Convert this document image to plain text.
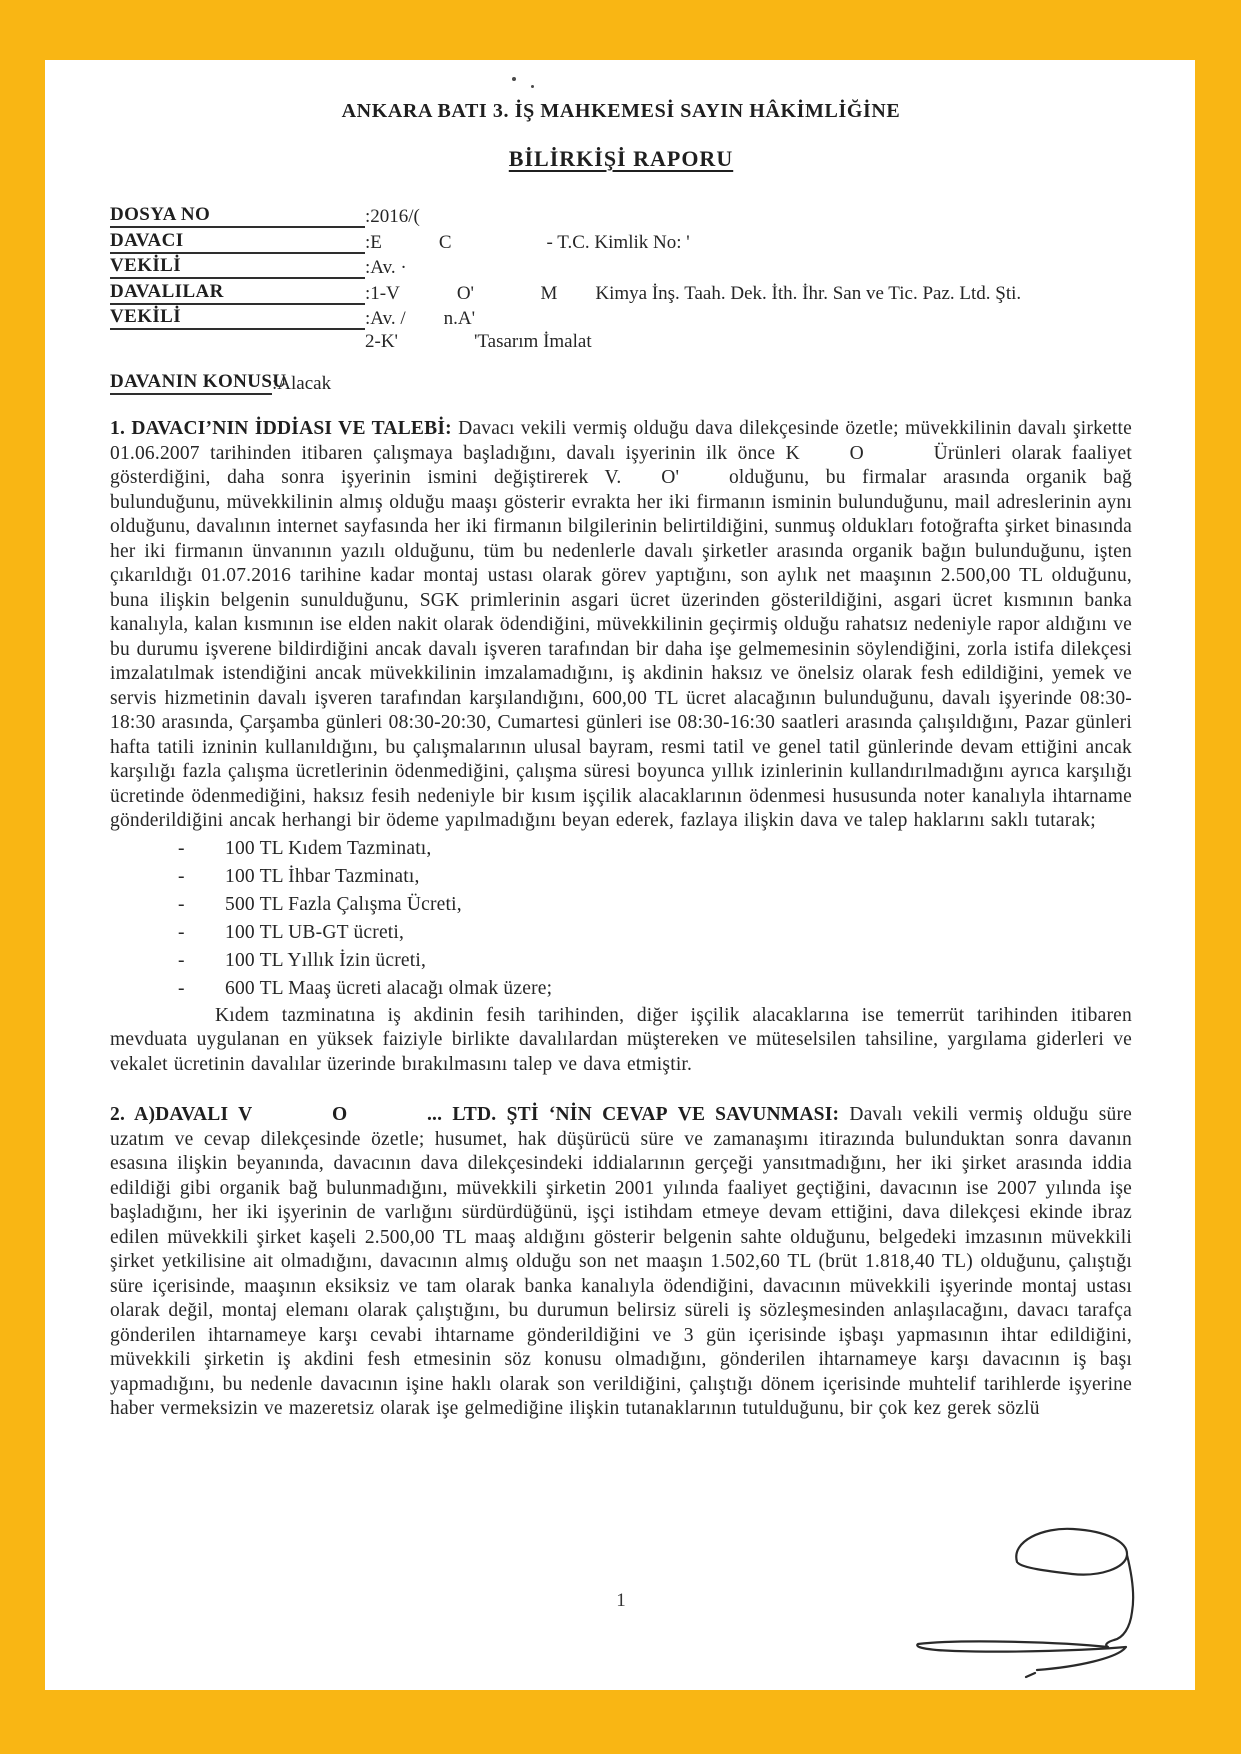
ANKARA BATI 3. İŞ MAHKEMESİ SAYIN HÂKİMLİĞİNE
BİLİRKİŞİ RAPORU
DOSYA NO	:2016/(
DAVACI	:E      C          - T.C. Kimlik No: '
VEKİLİ	:Av. ·
DAVALILAR	:1-V      O'       M    Kimya İnş. Taah. Dek. İth. İhr. San ve Tic. Paz. Ltd. Şti.
VEKİLİ	:Av. /    n.A'
2-K'        'Tasarım İmalat
DAVANIN KONUSU:Alacak

1. DAVACI’NIN İDDİASI VE TALEBİ: Davacı vekili vermiş olduğu dava dilekçesinde özetle; müvekkilinin davalı şirkette 01.06.2007 tarihinden itibaren çalışmaya başladığını, davalı işyerinin ilk önce K     O       Ürünleri olarak faaliyet gösterdiğini, daha sonra işyerinin ismini değiştirerek V.    O'     olduğunu, bu firmalar arasında organik bağ bulunduğunu, müvekkilinin almış olduğu maaşı gösterir evrakta her iki firmanın isminin bulunduğunu, mail adreslerinin aynı olduğunu, davalının internet sayfasında her iki firmanın bilgilerinin belirtildiğini, sunmuş oldukları fotoğrafta şirket binasında her iki firmanın ünvanının yazılı olduğunu, tüm bu nedenlerle davalı şirketler arasında organik bağın bulunduğunu, işten çıkarıldığı 01.07.2016 tarihine kadar montaj ustası olarak görev yaptığını, son aylık net maaşının 2.500,00 TL olduğunu, buna ilişkin belgenin sunulduğunu, SGK primlerinin asgari ücret üzerinden gösterildiğini, asgari ücret kısmının banka kanalıyla, kalan kısmının ise elden nakit olarak ödendiğini, müvekkilinin geçirmiş olduğu rahatsız nedeniyle rapor aldığını ve bu durumu işverene bildirdiğini ancak davalı işveren tarafından bir daha işe gelmemesinin söylendiğini, zorla istifa dilekçesi imzalatılmak istendiğini ancak müvekkilinin imzalamadığını, iş akdinin haksız ve önelsiz olarak fesh edildiğini, yemek ve servis hizmetinin davalı işveren tarafından karşılandığını, 600,00 TL ücret alacağının bulunduğunu, davalı işyerinde 08:30-18:30 arasında, Çarşamba günleri 08:30-20:30, Cumartesi günleri ise 08:30-16:30 saatleri arasında çalışıldığını, Pazar günleri hafta tatili izninin kullanıldığını, bu çalışmalarının ulusal bayram, resmi tatil ve genel tatil günlerinde devam ettiğini ancak karşılığı fazla çalışma ücretlerinin ödenmediğini, çalışma süresi boyunca yıllık izinlerinin kullandırılmadığını ayrıca karşılığı ücretinde ödenmediğini, haksız fesih nedeniyle bir kısım işçilik alacaklarının ödenmesi hususunda noter kanalıyla ihtarname gönderildiğini ancak herhangi bir ödeme yapılmadığını beyan ederek, fazlaya ilişkin dava ve talep haklarını saklı tutarak;

- 100 TL Kıdem Tazminatı,
- 100 TL İhbar Tazminatı,
- 500 TL Fazla Çalışma Ücreti,
- 100 TL UB-GT ücreti,
- 100 TL Yıllık İzin ücreti,
- 600 TL Maaş ücreti alacağı olmak üzere;

Kıdem tazminatına iş akdinin fesih tarihinden, diğer işçilik alacaklarına ise temerrüt tarihinden itibaren mevduata uygulanan en yüksek faiziyle birlikte davalılardan müştereken ve müteselsilen tahsiline, yargılama giderleri ve vekalet ücretinin davalılar üzerinde bırakılmasını talep ve dava etmiştir.

2. A)DAVALI V        O        ... LTD. ŞTİ ‘NİN CEVAP VE SAVUNMASI: Davalı vekili vermiş olduğu süre uzatım ve cevap dilekçesinde özetle; husumet, hak düşürücü süre ve zamanaşımı itirazında bulunduktan sonra davanın esasına ilişkin beyanında, davacının dava dilekçesindeki iddialarının gerçeği yansıtmadığını, her iki şirket arasında iddia edildiği gibi organik bağ bulunmadığını, müvekkili şirketin 2001 yılında faaliyet geçtiğini, davacının ise 2007 yılında işe başladığını, her iki işyerinin de varlığını sürdürdüğünü, işçi istihdam etmeye devam ettiğini, dava dilekçesi ekinde ibraz edilen müvekkili şirket kaşeli 2.500,00 TL maaş aldığını gösterir belgenin sahte olduğunu, belgedeki imzasının müvekkili şirket yetkilisine ait olmadığını, davacının almış olduğu son net maaşın 1.502,60 TL (brüt 1.818,40 TL) olduğunu, çalıştığı süre içerisinde, maaşının eksiksiz ve tam olarak banka kanalıyla ödendiğini, davacının müvekkili işyerinde montaj ustası olarak değil, montaj elemanı olarak çalıştığını, bu durumun belirsiz süreli iş sözleşmesinden anlaşılacağını, davacı tarafça gönderilen ihtarnameye karşı cevabi ihtarname gönderildiğini ve 3 gün içerisinde işbaşı yapmasının ihtar edildiğini, müvekkili şirketin iş akdini fesh etmesinin söz konusu olmadığını, gönderilen ihtarnameye karşı davacının iş başı yapmadığını, bu nedenle davacının işine haklı olarak son verildiğini, çalıştığı dönem içerisinde muhtelif tarihlerde işyerine haber vermeksizin ve mazeretsiz olarak işe gelmediğine ilişkin tutanaklarının tutulduğunu, bir çok kez gerek sözlü

1
